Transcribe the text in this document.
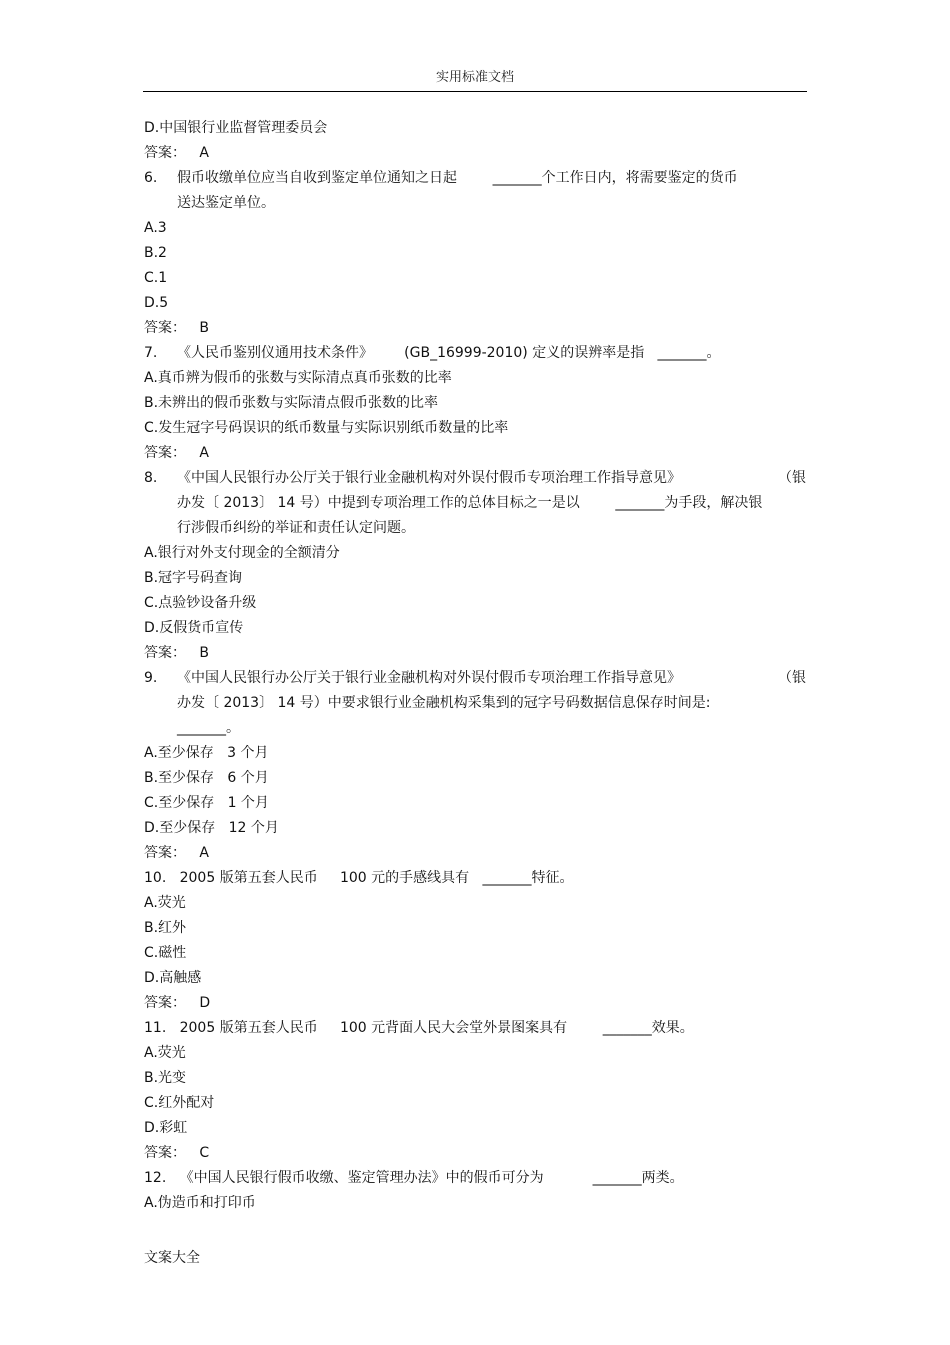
实用标准文档
D.中国银行业监督管理委员会
答案：   A
6.	假币收缴单位应当自收到鉴定单位通知之日起        _______个工作日内，将需要鉴定的货币
送达鉴定单位。
A.3
B.2
C.1
D.5
答案：   B
7.	《人民币鉴别仪通用技术条件》       (GB_16999-2010) 定义的误辨率是指   _______。
A.真币辨为假币的张数与实际清点真币张数的比率
B.未辨出的假币张数与实际清点假币张数的比率
C.发生冠字号码误识的纸币数量与实际识别纸币数量的比率
答案：   A
8.	《中国人民银行办公厅关于银行业金融机构对外误付假币专项治理工作指导意见》	（银
办发〔 2013〕 14 号）中提到专项治理工作的总体目标之一是以        _______为手段，解决银
行涉假币纠纷的举证和责任认定问题。
A.银行对外支付现金的全额清分
B.冠字号码查询
C.点验钞设备升级
D.反假货币宣传
答案：   B
9.	《中国人民银行办公厅关于银行业金融机构对外误付假币专项治理工作指导意见》	（银
办发〔 2013〕 14 号）中要求银行业金融机构采集到的冠字号码数据信息保存时间是:
_______。
A.至少保存   3 个月
B.至少保存   6 个月
C.至少保存   1 个月
D.至少保存   12 个月
答案：   A
10.   2005 版第五套人民币     100 元的手感线具有   _______特征。
A.荧光
B.红外
C.磁性
D.高触感
答案：   D
11.   2005 版第五套人民币     100 元背面人民大会堂外景图案具有        _______效果。
A.荧光
B.光变
C.红外配对
D.彩虹
答案：   C
12.   《中国人民银行假币收缴、鉴定管理办法》中的假币可分为           _______两类。
A.伪造币和打印币
文案大全
